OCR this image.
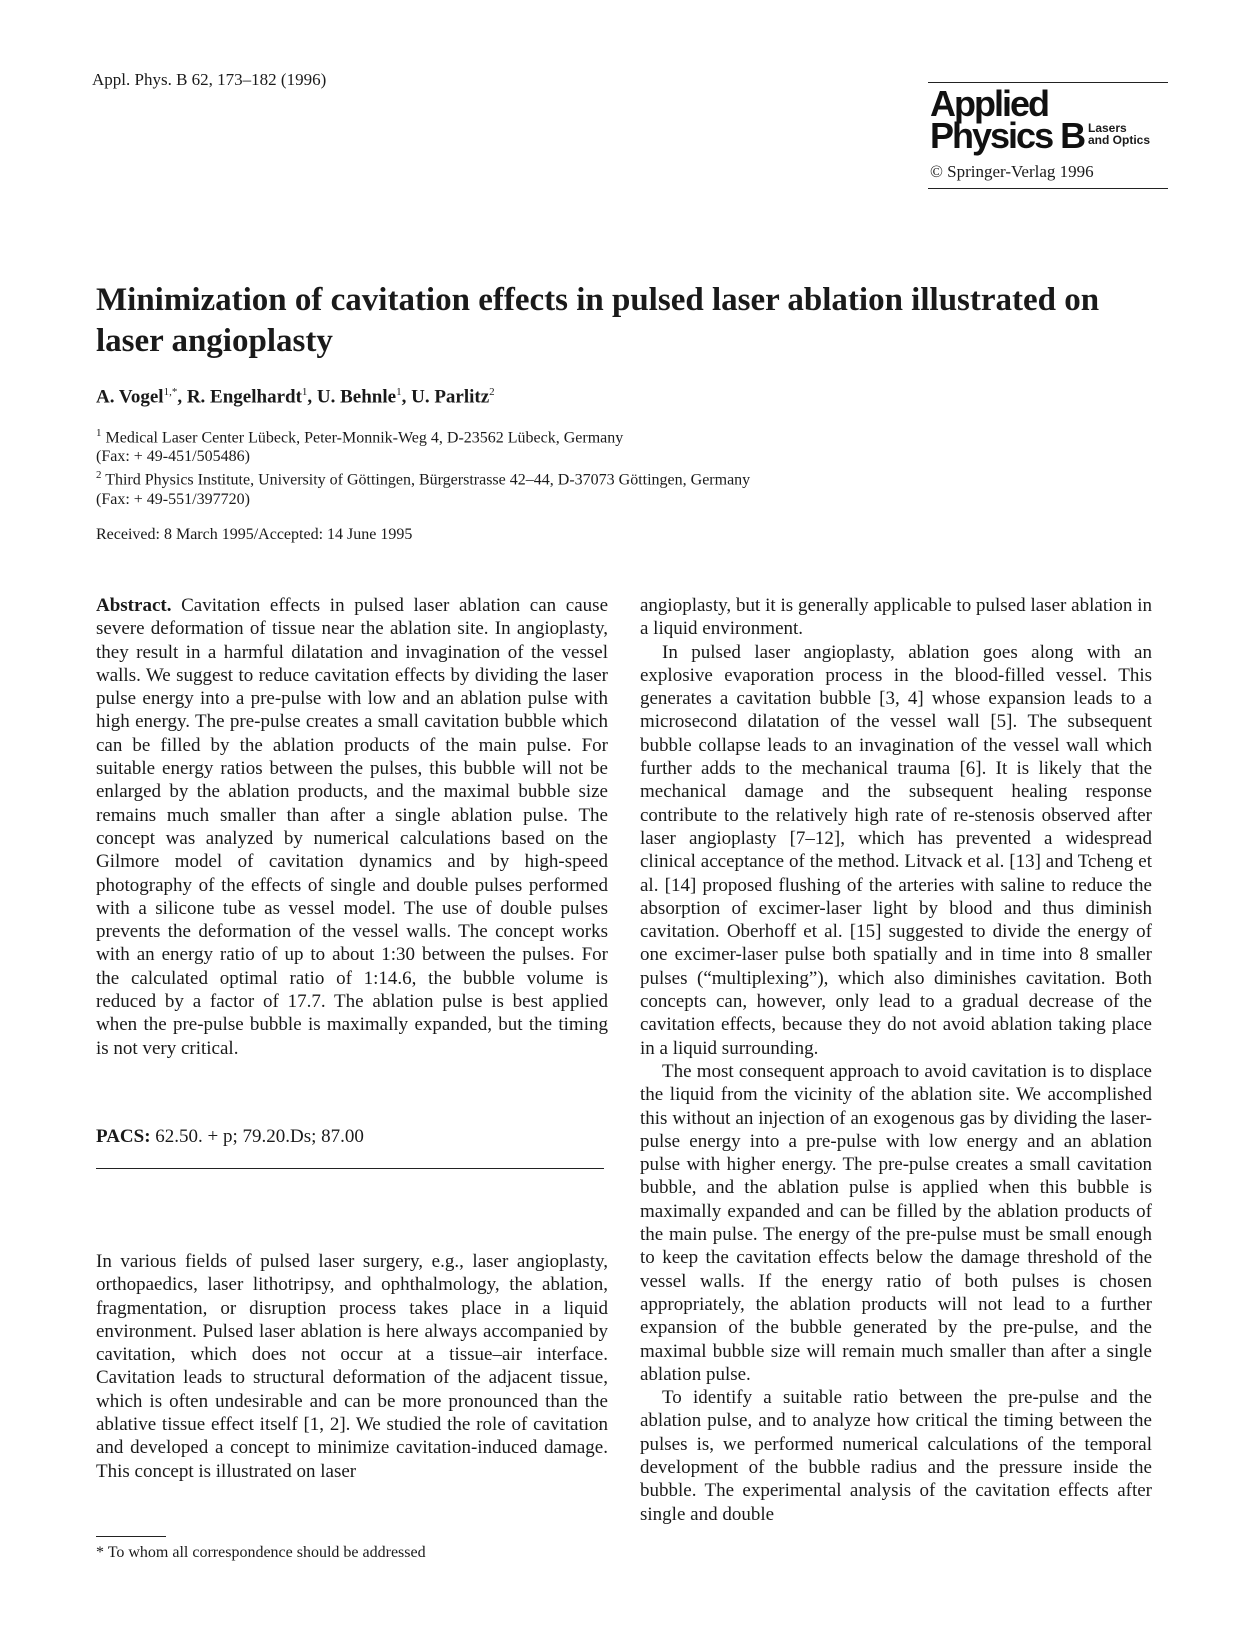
Appl. Phys. B 62, 173–182 (1996)
Applied
Physics B Lasers
and Optics
© Springer-Verlag 1996
Minimization of cavitation effects in pulsed laser ablation illustrated on laser angioplasty
A. Vogel$^{1,*}$, R. Engelhardt$^1$, U. Behnle$^1$, U. Parlitz$^2$
$^1$ Medical Laser Center Lübeck, Peter-Monnik-Weg 4, D-23562 Lübeck, Germany
(Fax: + 49-451/505486)
$^2$ Third Physics Institute, University of Göttingen, Bürgerstrasse 42–44, D-37073 Göttingen, Germany
(Fax: + 49-551/397720)
Received: 8 March 1995/Accepted: 14 June 1995

Abstract. Cavitation effects in pulsed laser ablation can cause severe deformation of tissue near the ablation site. In angioplasty, they result in a harmful dilatation and invagination of the vessel walls. We suggest to reduce cavitation effects by dividing the laser pulse energy into a pre-pulse with low and an ablation pulse with high energy. The pre-pulse creates a small cavitation bubble which can be filled by the ablation products of the main pulse. For suitable energy ratios between the pulses, this bubble will not be enlarged by the ablation products, and the maximal bubble size remains much smaller than after a single ablation pulse. The concept was analyzed by numerical calculations based on the Gilmore model of cavitation dynamics and by high-speed photography of the effects of single and double pulses performed with a silicone tube as vessel model. The use of double pulses prevents the deformation of the vessel walls. The concept works with an energy ratio of up to about 1:30 between the pulses. For the calculated optimal ratio of 1:14.6, the bubble volume is reduced by a factor of 17.7. The ablation pulse is best applied when the pre-pulse bubble is maximally expanded, but the timing is not very critical.

PACS: 62.50. + p; 79.20.Ds; 87.00

In various fields of pulsed laser surgery, e.g., laser angioplasty, orthopaedics, laser lithotripsy, and ophthalmology, the ablation, fragmentation, or disruption process takes place in a liquid environment. Pulsed laser ablation is here always accompanied by cavitation, which does not occur at a tissue–air interface. Cavitation leads to structural deformation of the adjacent tissue, which is often undesirable and can be more pronounced than the ablative tissue effect itself [1, 2]. We studied the role of cavitation and developed a concept to minimize cavitation-induced damage. This concept is illustrated on laser

angioplasty, but it is generally applicable to pulsed laser ablation in a liquid environment.

In pulsed laser angioplasty, ablation goes along with an explosive evaporation process in the blood-filled vessel. This generates a cavitation bubble [3, 4] whose expansion leads to a microsecond dilatation of the vessel wall [5]. The subsequent bubble collapse leads to an invagination of the vessel wall which further adds to the mechanical trauma [6]. It is likely that the mechanical damage and the subsequent healing response contribute to the relatively high rate of re-stenosis observed after laser angioplasty [7–12], which has prevented a widespread clinical acceptance of the method. Litvack et al. [13] and Tcheng et al. [14] proposed flushing of the arteries with saline to reduce the absorption of excimer-laser light by blood and thus diminish cavitation. Oberhoff et al. [15] suggested to divide the energy of one excimer-laser pulse both spatially and in time into 8 smaller pulses (“multiplexing”), which also diminishes cavitation. Both concepts can, however, only lead to a gradual decrease of the cavitation effects, because they do not avoid ablation taking place in a liquid surrounding.

The most consequent approach to avoid cavitation is to displace the liquid from the vicinity of the ablation site. We accomplished this without an injection of an exogenous gas by dividing the laser-pulse energy into a pre-pulse with low energy and an ablation pulse with higher energy. The pre-pulse creates a small cavitation bubble, and the ablation pulse is applied when this bubble is maximally expanded and can be filled by the ablation products of the main pulse. The energy of the pre-pulse must be small enough to keep the cavitation effects below the damage threshold of the vessel walls. If the energy ratio of both pulses is chosen appropriately, the ablation products will not lead to a further expansion of the bubble generated by the pre-pulse, and the maximal bubble size will remain much smaller than after a single ablation pulse.

To identify a suitable ratio between the pre-pulse and the ablation pulse, and to analyze how critical the timing between the pulses is, we performed numerical calculations of the temporal development of the bubble radius and the pressure inside the bubble. The experimental analysis of the cavitation effects after single and double

* To whom all correspondence should be addressed
